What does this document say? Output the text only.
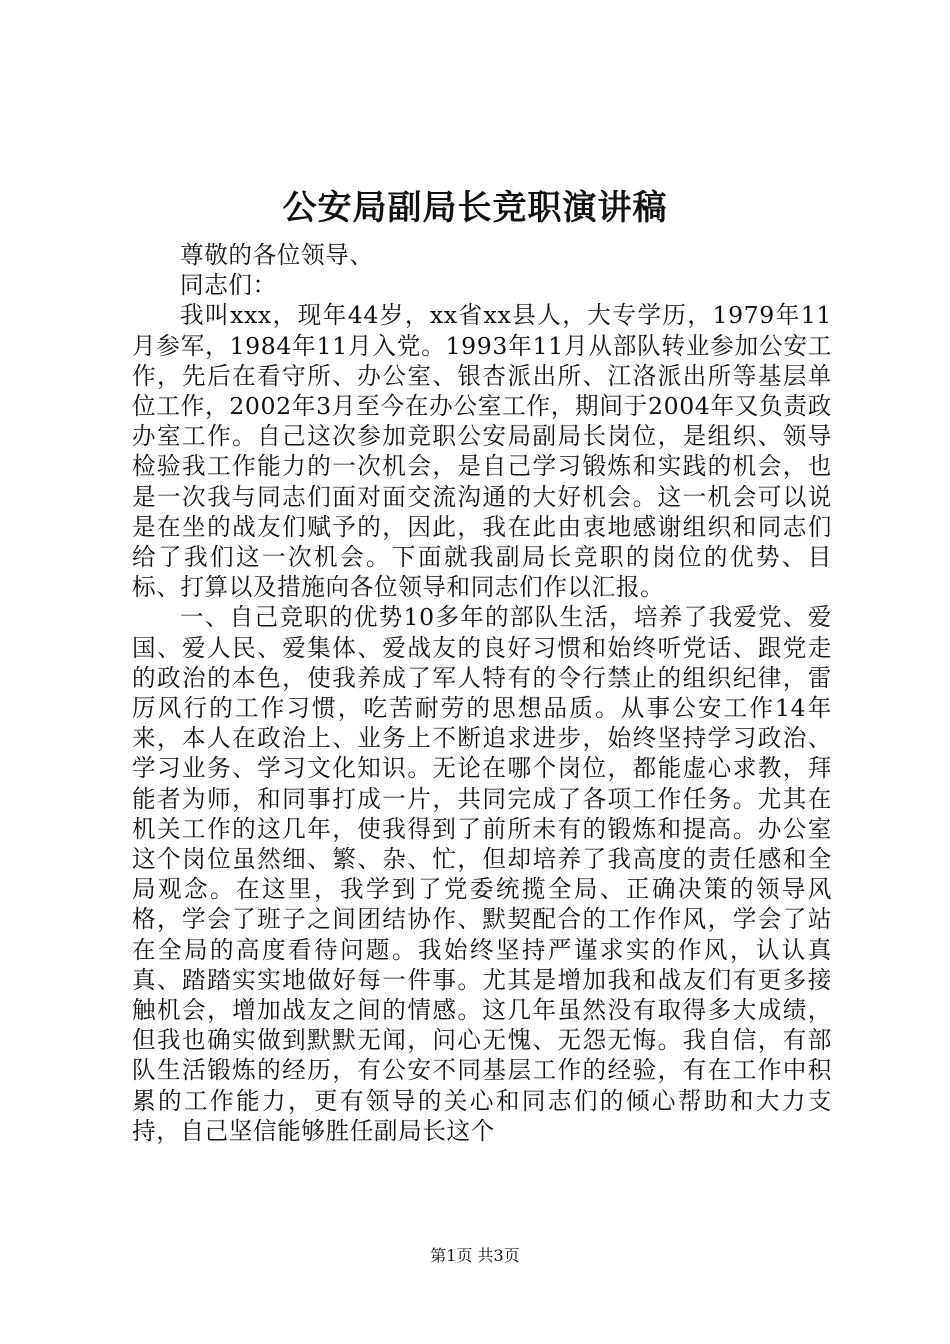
公安局副局长竞职演讲稿

尊敬的各位领导、

同志们：

我叫xxx，现年44岁，xx省xx县人，大专学历，1979年11月参军，1984年11月入党。1993年11月从部队转业参加公安工作，先后在看守所、办公室、银杏派出所、江洛派出所等基层单位工作，2002年3月至今在办公室工作，期间于2004年又负责政办室工作。自己这次参加竞职公安局副局长岗位，是组织、领导检验我工作能力的一次机会，是自己学习锻炼和实践的机会，也是一次我与同志们面对面交流沟通的大好机会。这一机会可以说是在坐的战友们赋予的，因此，我在此由衷地感谢组织和同志们给了我们这一次机会。下面就我副局长竞职的岗位的优势、目标、打算以及措施向各位领导和同志们作以汇报。

一、自己竞职的优势10多年的部队生活，培养了我爱党、爱国、爱人民、爱集体、爱战友的良好习惯和始终听党话、跟党走的政治的本色，使我养成了军人特有的令行禁止的组织纪律，雷厉风行的工作习惯，吃苦耐劳的思想品质。从事公安工作14年来，本人在政治上、业务上不断追求进步，始终坚持学习政治、学习业务、学习文化知识。无论在哪个岗位，都能虚心求教，拜能者为师，和同事打成一片，共同完成了各项工作任务。尤其在机关工作的这几年，使我得到了前所未有的锻炼和提高。办公室这个岗位虽然细、繁、杂、忙，但却培养了我高度的责任感和全局观念。在这里，我学到了党委统揽全局、正确决策的领导风格，学会了班子之间团结协作、默契配合的工作作风，学会了站在全局的高度看待问题。我始终坚持严谨求实的作风，认认真真、踏踏实实地做好每一件事。尤其是增加我和战友们有更多接触机会，增加战友之间的情感。这几年虽然没有取得多大成绩，但我也确实做到默默无闻，问心无愧、无怨无悔。我自信，有部队生活锻炼的经历，有公安不同基层工作的经验，有在工作中积累的工作能力，更有领导的关心和同志们的倾心帮助和大力支持，自己坚信能够胜任副局长这个

第1页 共3页
